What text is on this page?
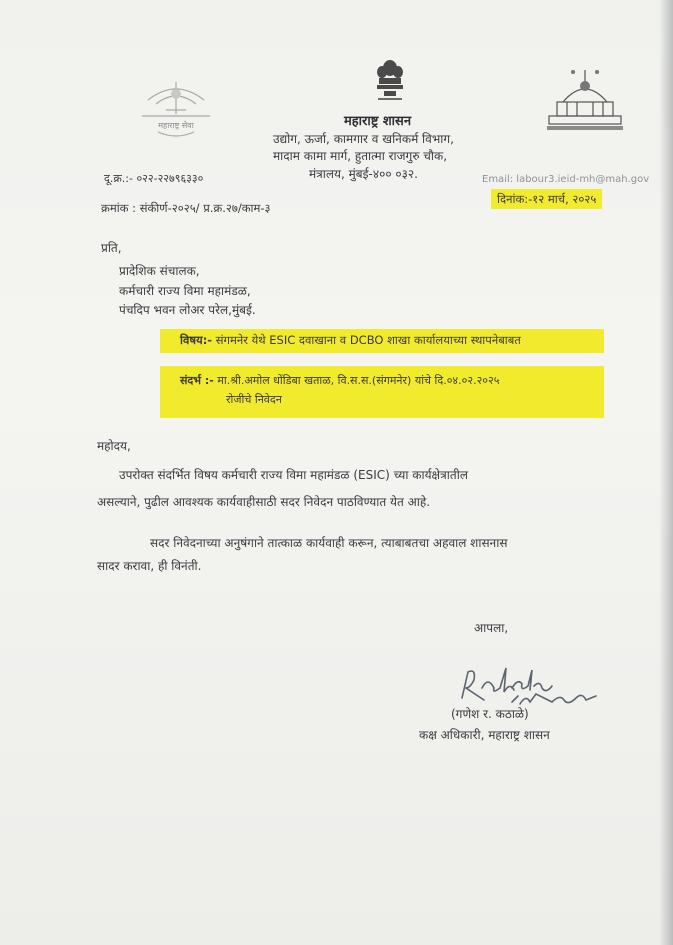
महाराष्ट्र सेवा	महाराष्ट्र शासन
उद्योग, ऊर्जा, कामगार व खनिकर्म विभाग,
मादाम कामा मार्ग, हुतात्मा राजगुरु चौक,
मंत्रालय, मुंबई-४०० ०३२.
दू.क्र.:- ०२२-२२७९६३३०	Email: labour3.ieid-mh@mah.gov
क्रमांक : संकीर्ण-२०२५/ प्र.क्र.२७/काम-३
दिनांक:-१२ मार्च, २०२५
प्रति,
प्रादेशिक संचालक,
कर्मचारी राज्य विमा महामंडळ,
पंचदिप भवन लोअर परेल,मुंबई.
विषय:- संगमनेर येथे ESIC दवाखाना व DCBO शाखा कार्यालयाच्या स्थापनेबाबत
संदर्भ :- मा.श्री.अमोल धोंडिबा खताळ, वि.स.स.(संगमनेर) यांचे दि.०४.०२.२०२५
रोजीचे निवेदन
महोदय,
उपरोक्त संदर्भित विषय कर्मचारी राज्य विमा महामंडळ (ESIC) च्या कार्यक्षेत्रातील
असल्याने, पुढील आवश्यक कार्यवाहीसाठी सदर निवेदन पाठविण्यात येत आहे.
सदर निवेदनाच्या अनुषंगाने तात्काळ कार्यवाही करून, त्याबाबतचा अहवाल शासनास
सादर करावा, ही विनंती.
आपला,
(गणेश र. कठाळे)
कक्ष अधिकारी, महाराष्ट्र शासन
